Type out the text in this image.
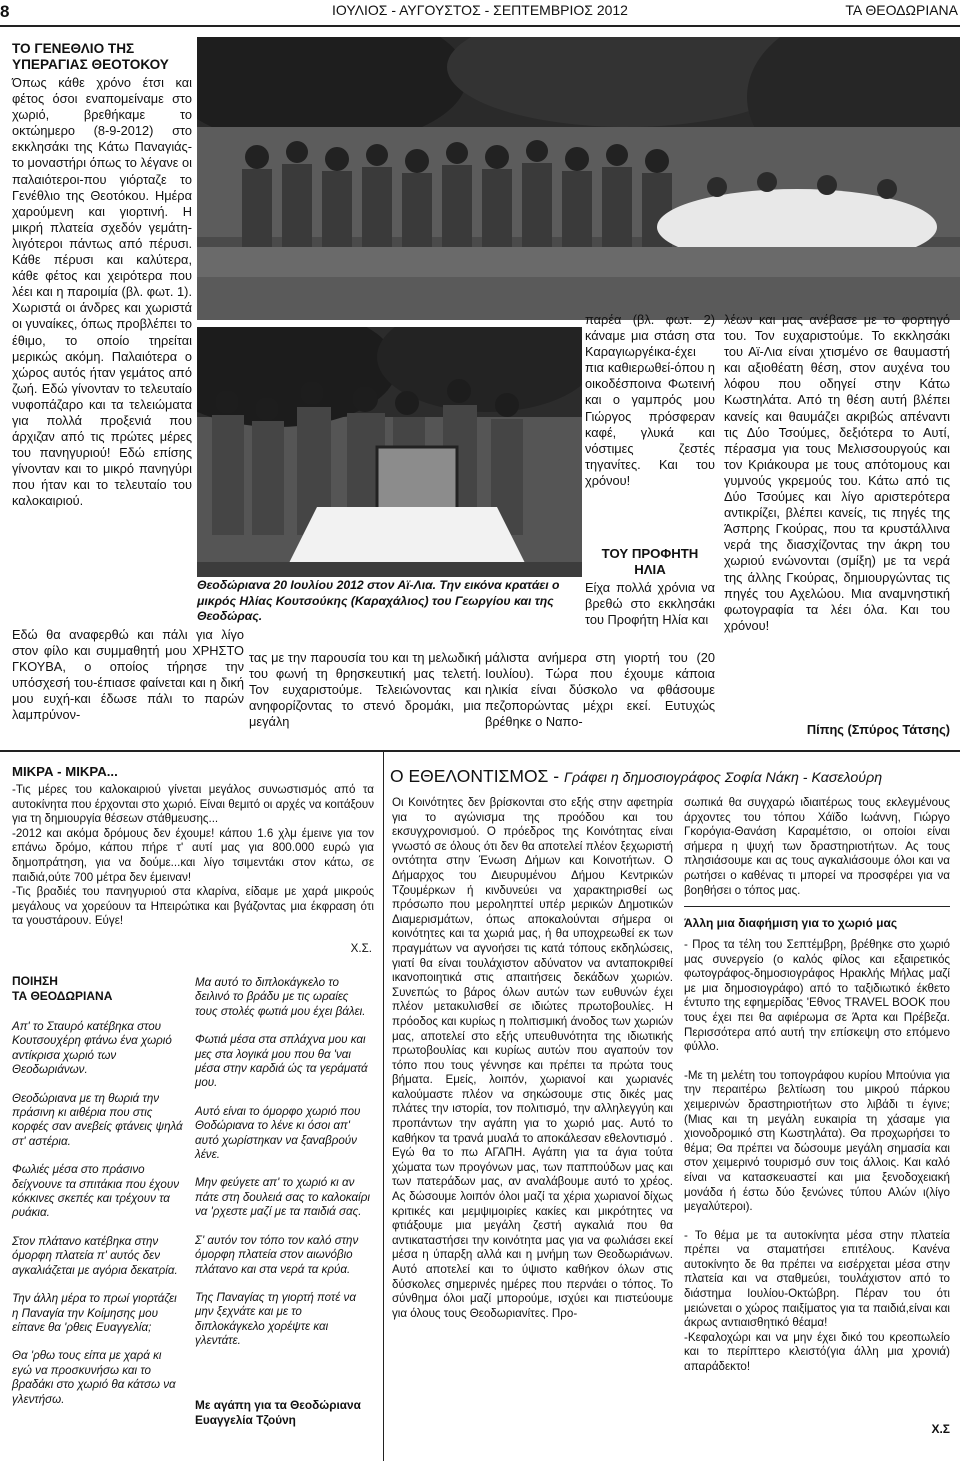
8	ΙΟΥΛΙΟΣ - ΑΥΓΟΥΣΤΟΣ - ΣΕΠΤΕΜΒΡΙΟΣ 2012	ΤΑ ΘΕΟΔΩΡΙΑΝΑ
ΤΟ ΓΕΝΕΘΛΙΟ ΤΗΣ
ΥΠΕΡΑΓΙΑΣ ΘΕΟΤΟΚΟΥ
Όπως κάθε χρόνο έτσι και φέτος όσοι εναπομείναμε στο χωριό, βρεθήκαμε το οκτώημερο (8-9-2012) στο εκκλησάκι της Κάτω Παναγιάς-το μοναστήρι όπως το λέγανε οι παλαιότεροι-που γιόρταζε το Γενέθλιο της Θεοτόκου. Ημέρα χαρούμενη και γιορτινή. Η μικρή πλατεία σχεδόν γεμάτη-λιγότεροι πάντως από πέρυσι. Κάθε πέρυσι και καλύτερα, κάθε φέτος και χειρότερα που λέει και η παροιμία (βλ. φωτ. 1). Χωριστά οι άνδρες και χωριστά οι γυναίκες, όπως προβλέπει το έθιμο, το οποίο τηρείται μερικώς ακόμη. Παλαιότερα ο χώρος αυτός ήταν γεμάτος από ζωή. Εδώ γίνονταν το τελευταίο νυφοπάζαρο και τα τελειώματα για πολλά προξενιά που άρχιζαν από τις πρώτες μέρες του πανηγυριού! Εδώ επίσης γίνονταν και το μικρό πανηγύρι που ήταν και το τελευταίο του καλοκαιριού.
Θεοδώριανα 20 Ιουλίου 2012 στον Αϊ-Λια. Την εικόνα κρατάει ο μικρός Ηλίας Κουτσούκης (Καραχάλιος) του Γεωργίου και της Θεοδώρας.
Εδώ θα αναφερθώ και πάλι για λίγο στον φίλο και συμμαθητή μου ΧΡΗΣΤΟ ΓΚΟΥΒΑ, ο οποίος τήρησε την υπόσχεσή του-έπιασε φαίνεται και η δική μου ευχή-και έδωσε πάλι το παρών λαμπρύνον-
τας με την παρουσία του και τη μελωδική του φωνή τη θρησκευτική μας τελετή. Τον ευχαριστούμε. Τελειώνοντας και ανηφορίζοντας το στενό δρομάκι, μια μεγάλη
παρέα (βλ. φωτ. 2) κάναμε μια στάση στα Καραγιωργέικα-έχει πια καθιερωθεί-όπου η οικοδέσποινα Φωτεινή και ο γαμπρός μου Γιώργος πρόσφεραν καφέ, γλυκά και νόστιμες ζεστές τηγανίτες. Και του χρόνου!
ΤΟΥ ΠΡΟΦΗΤΗ
ΗΛΙΑ
Είχα πολλά χρόνια να βρεθώ στο εκκλησάκι του Προφήτη Ηλία και
μάλιστα ανήμερα στη γιορτή του (20 Ιουλίου). Τώρα που έχουμε κάποια ηλικία είναι δύσκολο να φθάσουμε πεζοπορώντας μέχρι εκεί. Ευτυχώς βρέθηκε ο Ναπο-
λέων και μας ανέβασε με το φορτηγό του. Τον ευχαριστούμε. Το εκκλησάκι του Αϊ-Λια είναι χτισμένο σε θαυμαστή και αξιοθέατη θέση, στον αυχένα του λόφου που οδηγεί στην Κάτω Κωστηλάτα. Από τη θέση αυτή βλέπει κανείς και θαυμάζει ακριβώς απέναντι τις Δύο Τσούμες, δεξιότερα το Αυτί, πέρασμα για τους Μελισσουργούς και τον Κριάκουρα με τους απότομους και γυμνούς γκρεμούς του. Κάτω από τις Δύο Τσούμες και λίγο αριστερότερα αντικρίζει, βλέπει κανείς, τις πηγές της Άσπρης Γκούρας, που τα κρυστάλλινα νερά της διασχίζοντας την άκρη του χωριού ενώνονται (σμίξη) με τα νερά της άλλης Γκούρας, δημιουργώντας τις πηγές του Αχελώου. Μια αναμνηστική φωτογραφία τα λέει όλα. Και του χρόνου!
Πίπης (Σπύρος Τάτσης)
ΜΙΚΡΑ - ΜΙΚΡΑ...

-Τις μέρες του καλοκαιριού γίνεται μεγάλος συνωστισμός από τα αυτοκίνητα που έρχονται στο χωριό. Είναι θεμιτό οι αρχές να κοιτάξουν για τη δημιουργία θέσεων στάθμευσης...

-2012 και ακόμα δρόμους δεν έχουμε! κάπου 1.6 χλμ έμεινε για τον επάνω δρόμο, κάπου πήρε τ' αυτί μας για 800.000 ευρώ για δημοπράτηση, για να δούμε...και λίγο τσιμεντάκι στον κάτω, σε παιδιά,ούτε 700 μέτρα δεν έμειναν!

-Τις βραδιές του πανηγυριού στα κλαρίνα, είδαμε με χαρά μικρούς μεγάλους να χορεύουν τα Ηπειρώτικα και βγάζοντας μια έκφραση ότι τα γουστάρουν. Εύγε!

Χ.Σ.
ΠΟΙΗΣΗ
ΤΑ ΘΕΟΔΩΡΙΑΝΑ

Απ' το Σταυρό κατέβηκα στου Κουτσουχέρη φτάνω ένα χωριό αντίκρισα χωριό των Θεοδωριάνων.

Θεοδώριανα με τη θωριά την πράσινη κι αιθέρια που στις κορφές σαν ανεβείς φτάνεις ψηλά στ' αστέρια.

Φωλιές μέσα στο πράσινο δείχνουνε τα σπιτάκια που έχουν κόκκινες σκεπές και τρέχουν τα ρυάκια.

Στον πλάτανο κατέβηκα στην όμορφη πλατεία π' αυτός δεν αγκαλιάζεται με αγόρια δεκατρία.

Την άλλη μέρα το πρωί γιορτάζει η Παναγία την Κοίμησης μου είπανε θα 'ρθεις Ευαγγελία;

Θα 'ρθω τους είπα με χαρά κι εγώ να προσκυνήσω και το βραδάκι στο χωριό θα κάτσω να γλεντήσω.

Μα αυτό το διπλοκάγκελο το δειλινό το βράδυ με τις ωραίες τους στολές φωτιά μου έχει βάλει.

Φωτιά μέσα στα σπλάχνα μου και μες στα λογικά μου που θα 'ναι μέσα στην καρδιά ώς τα γεράματά μου.

Αυτό είναι το όμορφο χωριό που Θοδώριανα το λένε κι όσοι απ' αυτό χωρίστηκαν να ξαναβρούν λένε.

Μην φεύγετε απ' το χωριό κι αν πάτε στη δουλειά σας το καλοκαίρι να 'ρχεστε μαζί με τα παιδιά σας.

Σ' αυτόν τον τόπο τον καλό στην όμορφη πλατεία στον αιωνόβιο πλάτανο και στα νερά τα κρύα.

Της Παναγίας τη γιορτή ποτέ να μην ξεχνάτε και με το διπλοκάγκελο χορέψτε και γλεντάτε.

Με αγάπη για τα Θεοδώριανα
Ευαγγελία Τζούνη
Ο ΕΘΕΛΟΝΤΙΣΜΟΣ - Γράφει η δημοσιογράφος Σοφία Νάκη - Κασελούρη
Οι Κοινότητες δεν βρίσκονται στο εξής στην αφετηρία για το αγώνισμα της προόδου και του εκσυγχρονισμού. Ο πρόεδρος της Κοινότητας είναι γνωστό σε όλους ότι δεν θα αποτελεί πλέον ξεχωριστή οντότητα στην Ένωση Δήμων και Κοινοτήτων. Ο Δήμαρχος του Διευρυμένου Δήμου Κεντρικών Τζουμέρκων ή κινδυνεύει να χαρακτηρισθεί ως πρόσωπο που μεροληπτεί υπέρ μερικών Δημοτικών Διαμερισμάτων, όπως αποκαλούνται σήμερα οι κοινότητες και τα χωριά μας, ή θα υποχρεωθεί εκ των πραγμάτων να αγνοήσει τις κατά τόπους εκδηλώσεις, γιατί θα είναι τουλάχιστον αδύνατον να ανταποκριθεί ικανοποιητικά στις απαιτήσεις δεκάδων χωριών. Συνεπώς το βάρος όλων αυτών των ευθυνών έχει πλέον μετακυλισθεί σε ιδιώτες πρωτοβουλίες. Η πρόοδος και κυρίως η πολιτισμική άνοδος των χωριών μας, αποτελεί στο εξής υπευθυνότητα της ιδιωτικής πρωτοβουλίας και κυρίως αυτών που αγαπούν τον τόπο που τους γέννησε και πρέπει τα πρώτα τους βήματα. Εμείς, λοιπόν, χωριανοί και χωριανές καλούμαστε πλέον να σηκώσουμε στις δικές μας πλάτες την ιστορία, τον πολιτισμό, την αλληλεγγύη και προπάντων την αγάπη για το χωριό μας. Αυτό το καθήκον τα τρανά μυαλά το αποκάλεσαν εθελοντισμό . Εγώ θα το πω ΑΓΑΠΗ. Αγάπη για τα άγια τούτα χώματα των προγόνων μας, των παππούδων μας και των πατεράδων μας, αν αναλάβουμε αυτό το χρέος. Ας δώσουμε λοιπόν όλοι μαζί τα χέρια χωριανοί δίχως κριτικές και μεμψιμοιρίες κακίες και μικρότητες να φτιάξουμε μια μεγάλη ζεστή αγκαλιά που θα αντικαταστήσει την κοινότητα μας για να φωλιάσει εκεί μέσα η ύπαρξη αλλά και η μνήμη των Θεοδωριάνων. Αυτό αποτελεί και το ύψιστο καθήκον όλων στις δύσκολες σημερινές ημέρες που περνάει ο τόπος. Το σύνθημα όλοι μαζί μπορούμε, ισχύει και πιστεύουμε για όλους τους Θεοδωριανίτες. Προ-
σωπικά θα συγχαρώ ιδιαιτέρως τους εκλεγμένους άρχοντες του τόπου Χάϊδο Ιωάννη, Γιώργο Γκορόγια-Θανάση Καραμέτσιο, οι οποίοι είναι σήμερα η ψυχή των δραστηριοτήτων. Ας τους πλησιάσουμε και ας τους αγκαλιάσουμε όλοι και να ρωτήσει ο καθένας τι μπορεί να προσφέρει για να βοηθήσει ο τόπος μας.
Άλλη μια διαφήμιση για το χωριό μας

- Προς τα τέλη του Σεπτέμβρη, βρέθηκε στο χωριό μας συνεργείο (ο καλός φίλος και εξαιρετικός φωτογράφος-δημοσιογράφος Ηρακλής Μήλας μαζί με μια δημοσιογράφο) από το ταξιδιωτικό έκθετο έντυπο της εφημερίδας 'Εθνος TRAVEL BOOK που τους έχει πει θα αφιέρωμα σε Άρτα και Πρέβεζα. Περισσότερα από αυτή την επίσκεψη στο επόμενο φύλλο.

-Με τη μελέτη του τοπογράφου κυρίου Μπούνια για την περαιτέρω βελτίωση του μικρού πάρκου χειμερινών δραστηριοτήτων στο λιβάδι τι έγινε; (Μιας και τη μεγάλη ευκαιρία τη χάσαμε για χιονοδρομικό στη Κωστηλάτα). Θα προχωρήσει το θέμα; Θα πρέπει να δώσουμε μεγάλη σημασία και στον χειμερινό τουρισμό συν τοις άλλοις. Και καλό είναι να κατασκευαστεί και μια ξενοδοχειακή μονάδα ή έστω δύο ξενώνες τύπου Αλών ι(λίγο μεγαλύτεροι).

- Το θέμα με τα αυτοκίνητα μέσα στην πλατεία πρέπει να σταματήσει επιτέλους. Κανένα αυτοκίνητο δε θα πρέπει να εισέρχεται μέσα στην πλατεία και να σταθμεύει, τουλάχιστον από το διάστημα Ιουλίου-Οκτώβρη. Πέραν του ότι μειώνεται ο χώρος παιξίματος για τα παιδιά,είναι και άκρως αντιαισθητικό θέαμα!

-Κεφαλοχώρι και να μην έχει δικό του κρεοπωλείο και το περίπτερο κλειστό(για άλλη μια χρονιά) απαράδεκτο!

Χ.Σ
